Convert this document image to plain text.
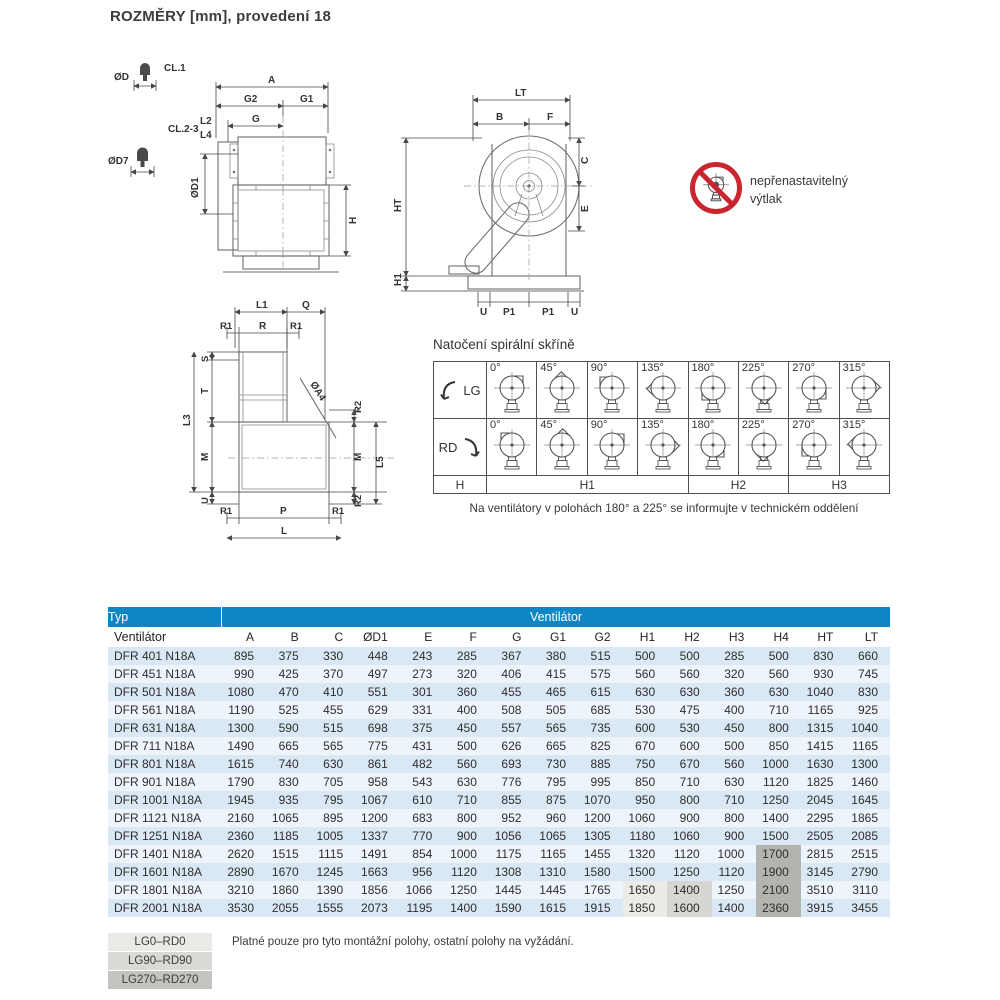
ROZMĚRY [mm], provedení 18
ØD
CL.1
ØD7
CL.2-3
A
G2	G1
G
L2
L4
ØD1
H
LT
B	F
C
E
HT
H1
U P1	P1 U
L1	Q
R1	R	R1
S
T
L3
M
U
R1	P	R1
L
ØA4
R2
M
R2
L5
nepřenastavitelný
výtlak
Natočení spirální skříně
LG	0°	45°	90°	135°	180°	225°	270°	315°

RD	0°	45°	90°	135°	180°	225°	270°	315°

H	H1				H2		H3	
Na ventilátory v polohách 180° a 225° se informujte v technickém oddělení
Typ	Ventilátor														
Ventilátor	A	B	C	ØD1	E	F	G	G1	G2	H1	H2	H3	H4	HT	LT
DFR 401 N18A	895	375	330	448	243	285	367	380	515	500	500	285	500	830	660
DFR 451 N18A	990	425	370	497	273	320	406	415	575	560	560	320	560	930	745
DFR 501 N18A	1080	470	410	551	301	360	455	465	615	630	630	360	630	1040	830
DFR 561 N18A	1190	525	455	629	331	400	508	505	685	530	475	400	710	1165	925
DFR 631 N18A	1300	590	515	698	375	450	557	565	735	600	530	450	800	1315	1040
DFR 711 N18A	1490	665	565	775	431	500	626	665	825	670	600	500	850	1415	1165
DFR 801 N18A	1615	740	630	861	482	560	693	730	885	750	670	560	1000	1630	1300
DFR 901 N18A	1790	830	705	958	543	630	776	795	995	850	710	630	1120	1825	1460
DFR 1001 N18A	1945	935	795	1067	610	710	855	875	1070	950	800	710	1250	2045	1645
DFR 1121 N18A	2160	1065	895	1200	683	800	952	960	1200	1060	900	800	1400	2295	1865
DFR 1251 N18A	2360	1185	1005	1337	770	900	1056	1065	1305	1180	1060	900	1500	2505	2085
DFR 1401 N18A	2620	1515	1115	1491	854	1000	1175	1165	1455	1320	1120	1000	1700	2815	2515
DFR 1601 N18A	2890	1670	1245	1663	956	1120	1308	1310	1580	1500	1250	1120	1900	3145	2790
DFR 1801 N18A	3210	1860	1390	1856	1066	1250	1445	1445	1765	1650	1400	1250	2100	3510	3110
DFR 2001 N18A	3530	2055	1555	2073	1195	1400	1590	1615	1915	1850	1600	1400	2360	3915	3455
LG0–RD0
LG90–RD90
LG270–RD270
Platné pouze pro tyto montážní polohy, ostatní polohy na vyžádání.
